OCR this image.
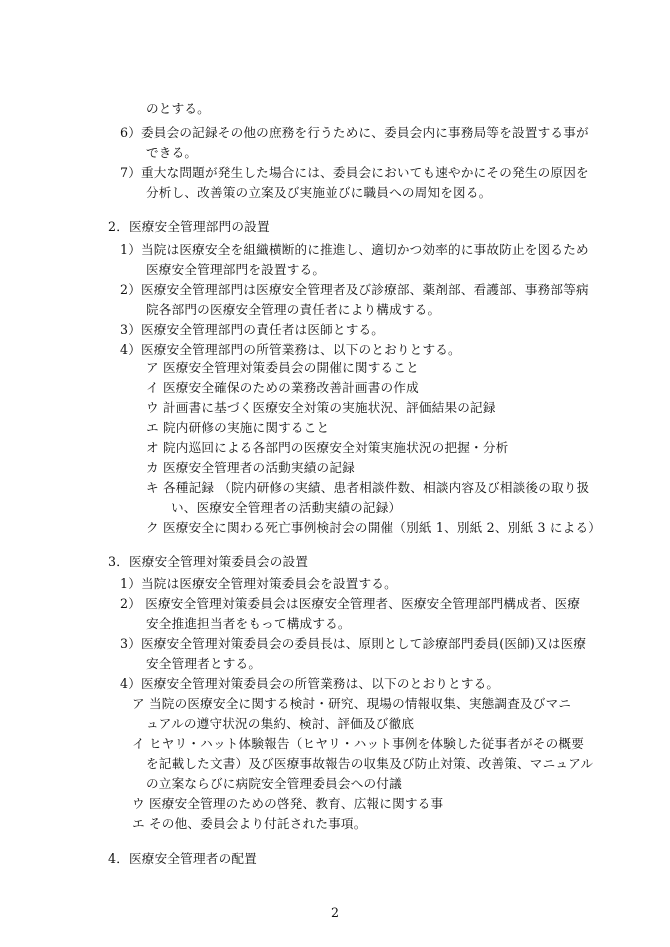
のとする。
6）委員会の記録その他の庶務を行うために、委員会内に事務局等を設置する事が
できる。
7）重大な問題が発生した場合には、委員会においても速やかにその発生の原因を
分析し、改善策の立案及び実施並びに職員への周知を図る。
2．医療安全管理部門の設置
1）当院は医療安全を組織横断的に推進し、適切かつ効率的に事故防止を図るため
医療安全管理部門を設置する。
2）医療安全管理部門は医療安全管理者及び診療部、薬剤部、看護部、事務部等病
院各部門の医療安全管理の責任者により構成する。
3）医療安全管理部門の責任者は医師とする。
4）医療安全管理部門の所管業務は、以下のとおりとする。
ア 医療安全管理対策委員会の開催に関すること
イ 医療安全確保のための業務改善計画書の作成
ウ 計画書に基づく医療安全対策の実施状況、評価結果の記録
エ 院内研修の実施に関すること
オ 院内巡回による各部門の医療安全対策実施状況の把握・分析
カ 医療安全管理者の活動実績の記録
キ 各種記録 （院内研修の実績、患者相談件数、相談内容及び相談後の取り扱
い、医療安全管理者の活動実績の記録）
ク 医療安全に関わる死亡事例検討会の開催（別紙 1、別紙 2、別紙 3 による）
3．医療安全管理対策委員会の設置
1）当院は医療安全管理対策委員会を設置する。
2） 医療安全管理対策委員会は医療安全管理者、医療安全管理部門構成者、医療
安全推進担当者をもって構成する。
3）医療安全管理対策委員会の委員長は、原則として診療部門委員(医師)又は医療
安全管理者とする。
4）医療安全管理対策委員会の所管業務は、以下のとおりとする。
ア 当院の医療安全に関する検討・研究、現場の情報収集、実態調査及びマニ
ュアルの遵守状況の集約、検討、評価及び徹底
イ ヒヤリ・ハット体験報告（ヒヤリ・ハット事例を体験した従事者がその概要
を記載した文書）及び医療事故報告の収集及び防止対策、改善策、マニュアル
の立案ならびに病院安全管理委員会への付議
ウ 医療安全管理のための啓発、教育、広報に関する事
エ その他、委員会より付託された事項。
4．医療安全管理者の配置
2
